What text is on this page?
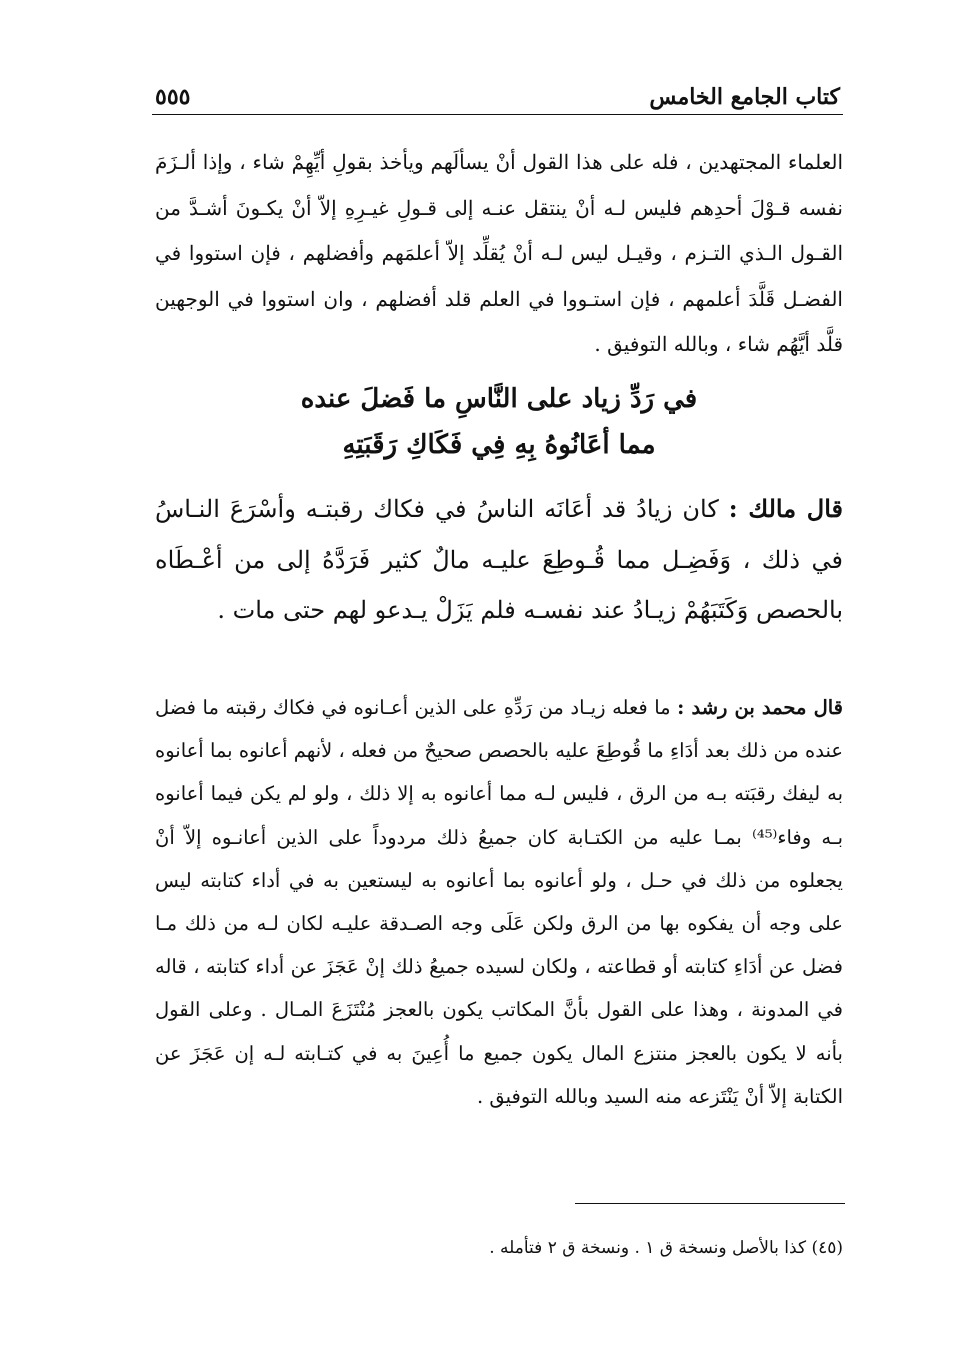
كتاب الجامع الخامس
٥٥٥

العلماء المجتهدين ، فله على هذا القول أنْ يسألَهم ويأخذ بقولِ أيِّهِمْ شاء ، وإذا ألـزَمَ نفسه قـوْلَ أحدِهم فليس لـه أنْ ينتقل عنـه إلى قـولِ غيـرِهِ إلاّ أنْ يكـونَ أشـدَّ من القـول الـذي التـزم ، وقيـل ليس لـه أنْ يُقلِّد إلاّ أعلمَهم وأفضلهم ، فإن استووا في الفضـل قَلَّدَ أعلمهم ، فإن استـووا في العلم قلد أفضلهم ، وان استووا في الوجهين قلَّد أيَّهُم شاء ، وبالله التوفيق .

في رَدِّ زياد على النَّاسِ ما فَضلَ عنده
مما أعَانُوهُ بِهِ فِي فَكَاكِ رَقَبَتِهِ

قال مالك : كان زيادُ قد أعَانَه الناسُ في فكاك رقبتـه وأسْرَعَ النـاسُ في ذلك ، وَفَضِـل مما قُـوطِعَ عليـه مالٌ كثير فَرَدَّهُ إلى من أعْـطَاه بالحصص وَكَتَبَهُمْ زيـادُ عند نفسـه فلم يَزَلْ يـدعو لهم حتى مات .

قال محمد بن رشد : ما فعله زيـاد من رَدِّهِ على الذين أعـانوه في فكاك رقبته ما فضل عنده من ذلك بعد أدَاءِ ما قُوطِعَ عليه بالحصص صحيحٌ من فعله ، لأنهم أعانوه بما أعانوه به ليفك رقبَته بـه من الرق ، فليس لـه مما أعانوه به إلا ذلك ، ولو لم يكن فيما أعانوه بـه وفاء⁽⁴⁵⁾ بمـا عليه من الكتـابة كان جميعُ ذلك مردوداً على الذين أعانـوه إلاّ أنْ يجعلوه من ذلك في حـل ، ولو أعانوه بما أعانوه به ليستعين به في أداء كتابته ليس على وجه أن يفكوه بها من الرق ولكن عَلَى وجه الصـدقة عليـه لكان لـه من ذلك مـا فضل عن أدَاءِ كتابته أو قطاعته ، ولكان لسيده جميعُ ذلك إنْ عَجَزَ عن أداء كتابته ، قاله في المدونة ، وهذا على القول بأنَّ المكاتب يكون بالعجز مُنْتَزَعَ المـال . وعلى القول بأنه لا يكون بالعجز منتزع المال يكون جميع ما أُعِينَ به في كتـابته لـه إن عَجَزَ عن الكتابة إلاّ أنْ يَنْتَزعه منه السيد وبالله التوفيق .

(٤٥) كذا بالأصل ونسخة ق ١ . ونسخة ق ٢ فتأمله .
